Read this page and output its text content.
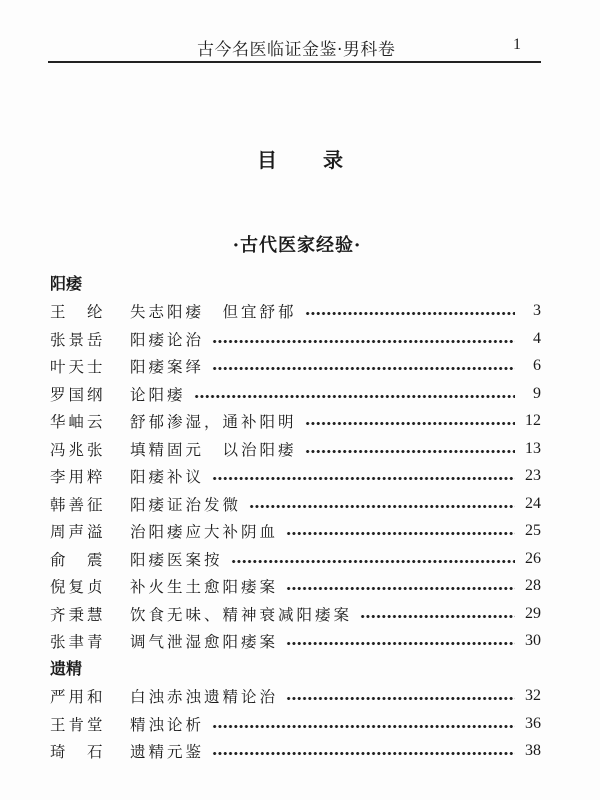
古今名医临证金鉴·男科卷	1
目 录
·古代医家经验·
阳痿
王　纶	失志阳痿　但宜舒郁	3
张景岳	阳痿论治	4
叶天士	阳痿案绎	6
罗国纲	论阳痿	9
华岫云	舒郁渗湿，通补阳明	12
冯兆张	填精固元　以治阳痿	13
李用粹	阳痿补议	23
韩善征	阳痿证治发微	24
周声溢	治阳痿应大补阴血	25
俞　震	阳痿医案按	26
倪复贞	补火生土愈阳痿案	28
齐秉慧	饮食无味、精神衰减阳痿案	29
张聿青	调气泄湿愈阳痿案	30
遗精
严用和	白浊赤浊遗精论治	32
王肯堂	精浊论析	36
琦　石	遗精元鉴	38
